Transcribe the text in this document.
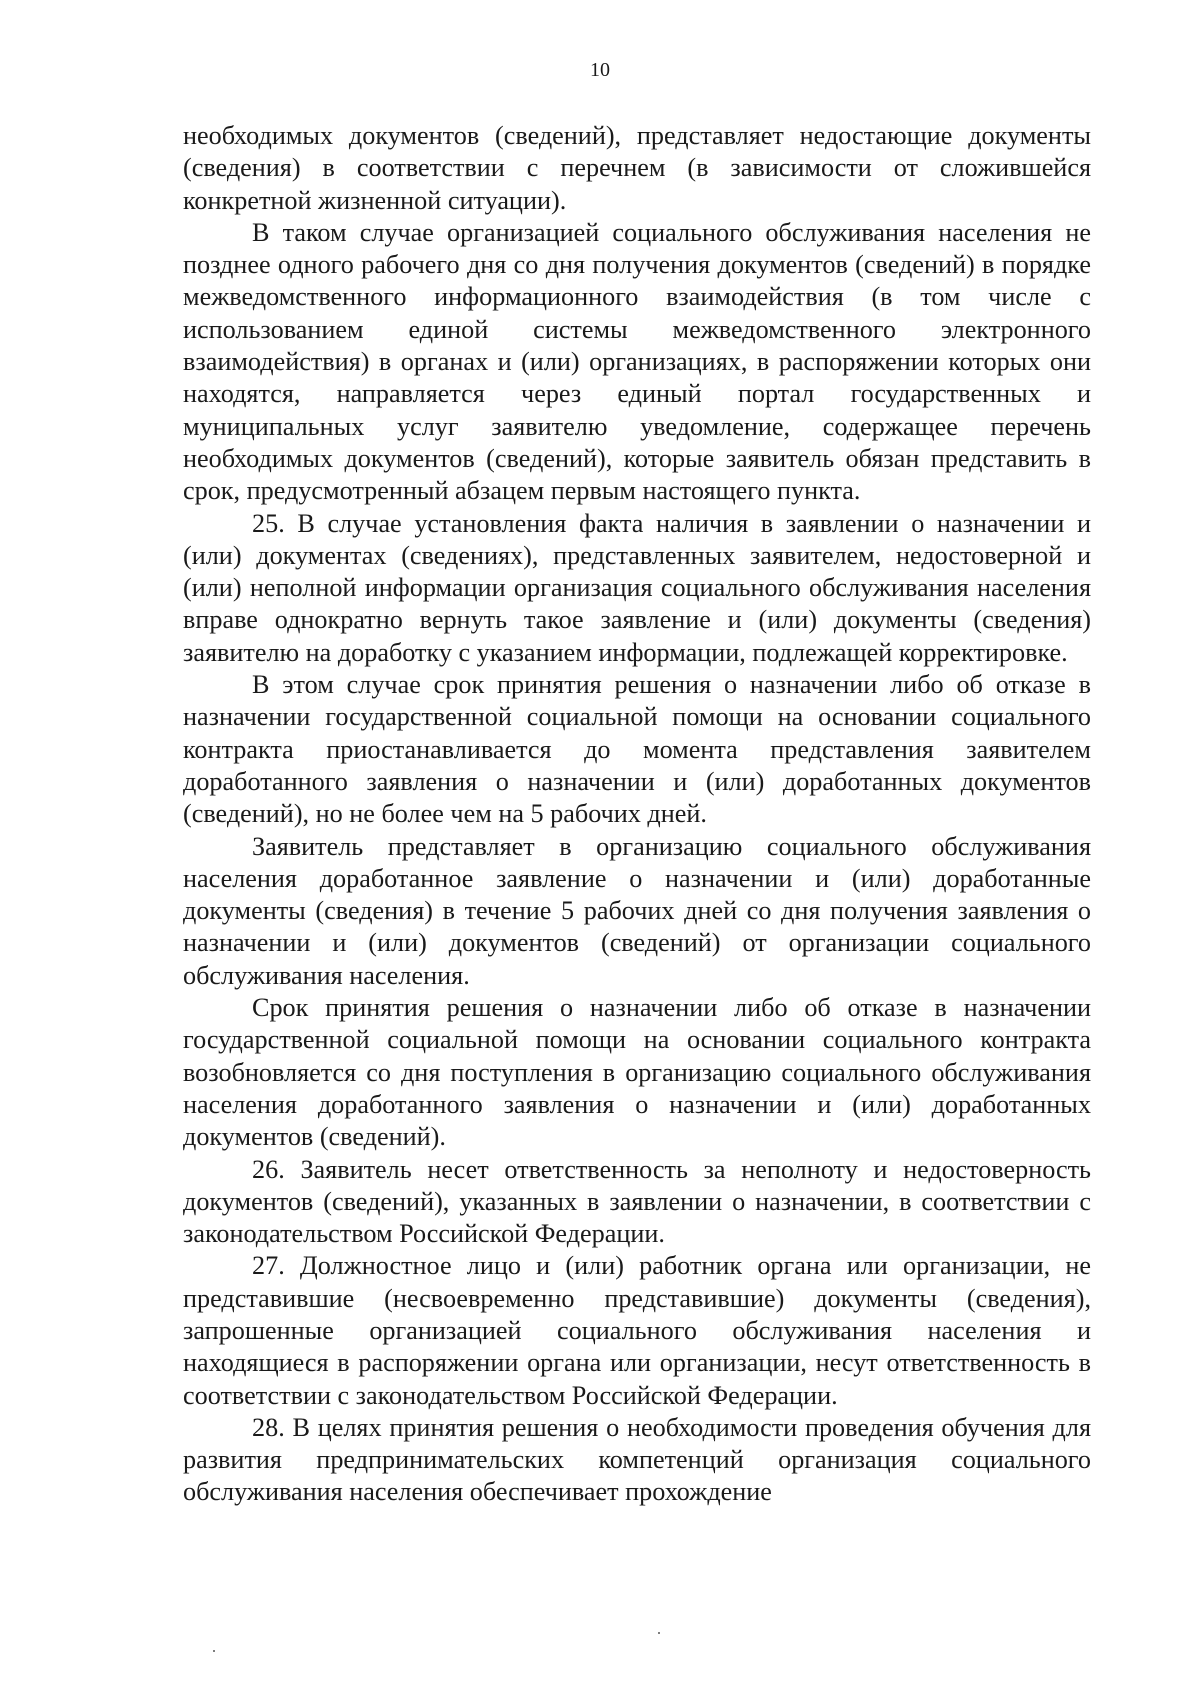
10

необходимых документов (сведений), представляет недостающие документы (сведения) в соответствии с перечнем (в зависимости от сложившейся конкретной жизненной ситуации).

В таком случае организацией социального обслуживания населения не позднее одного рабочего дня со дня получения документов (сведений) в порядке межведомственного информационного взаимодействия (в том числе с использованием единой системы межведомственного электронного взаимодействия) в органах и (или) организациях, в распоряжении которых они находятся, направляется через единый портал государственных и муниципальных услуг заявителю уведомление, содержащее перечень необходимых документов (сведений), которые заявитель обязан представить в срок, предусмотренный абзацем первым настоящего пункта.

25. В случае установления факта наличия в заявлении о назначении и (или) документах (сведениях), представленных заявителем, недостоверной и (или) неполной информации организация социального обслуживания населения вправе однократно вернуть такое заявление и (или) документы (сведения) заявителю на доработку с указанием информации, подлежащей корректировке.

В этом случае срок принятия решения о назначении либо об отказе в назначении государственной социальной помощи на основании социального контракта приостанавливается до момента представления заявителем доработанного заявления о назначении и (или) доработанных документов (сведений), но не более чем на 5 рабочих дней.

Заявитель представляет в организацию социального обслуживания населения доработанное заявление о назначении и (или) доработанные документы (сведения) в течение 5 рабочих дней со дня получения заявления о назначении и (или) документов (сведений) от организации социального обслуживания населения.

Срок принятия решения о назначении либо об отказе в назначении государственной социальной помощи на основании социального контракта возобновляется со дня поступления в организацию социального обслуживания населения доработанного заявления о назначении и (или) доработанных документов (сведений).

26. Заявитель несет ответственность за неполноту и недостоверность документов (сведений), указанных в заявлении о назначении, в соответствии с законодательством Российской Федерации.

27. Должностное лицо и (или) работник органа или организации, не представившие (несвоевременно представившие) документы (сведения), запрошенные организацией социального обслуживания населения и находящиеся в распоряжении органа или организации, несут ответственность в соответствии с законодательством Российской Федерации.

28. В целях принятия решения о необходимости проведения обучения для развития предпринимательских компетенций организация социального обслуживания населения обеспечивает прохождение
